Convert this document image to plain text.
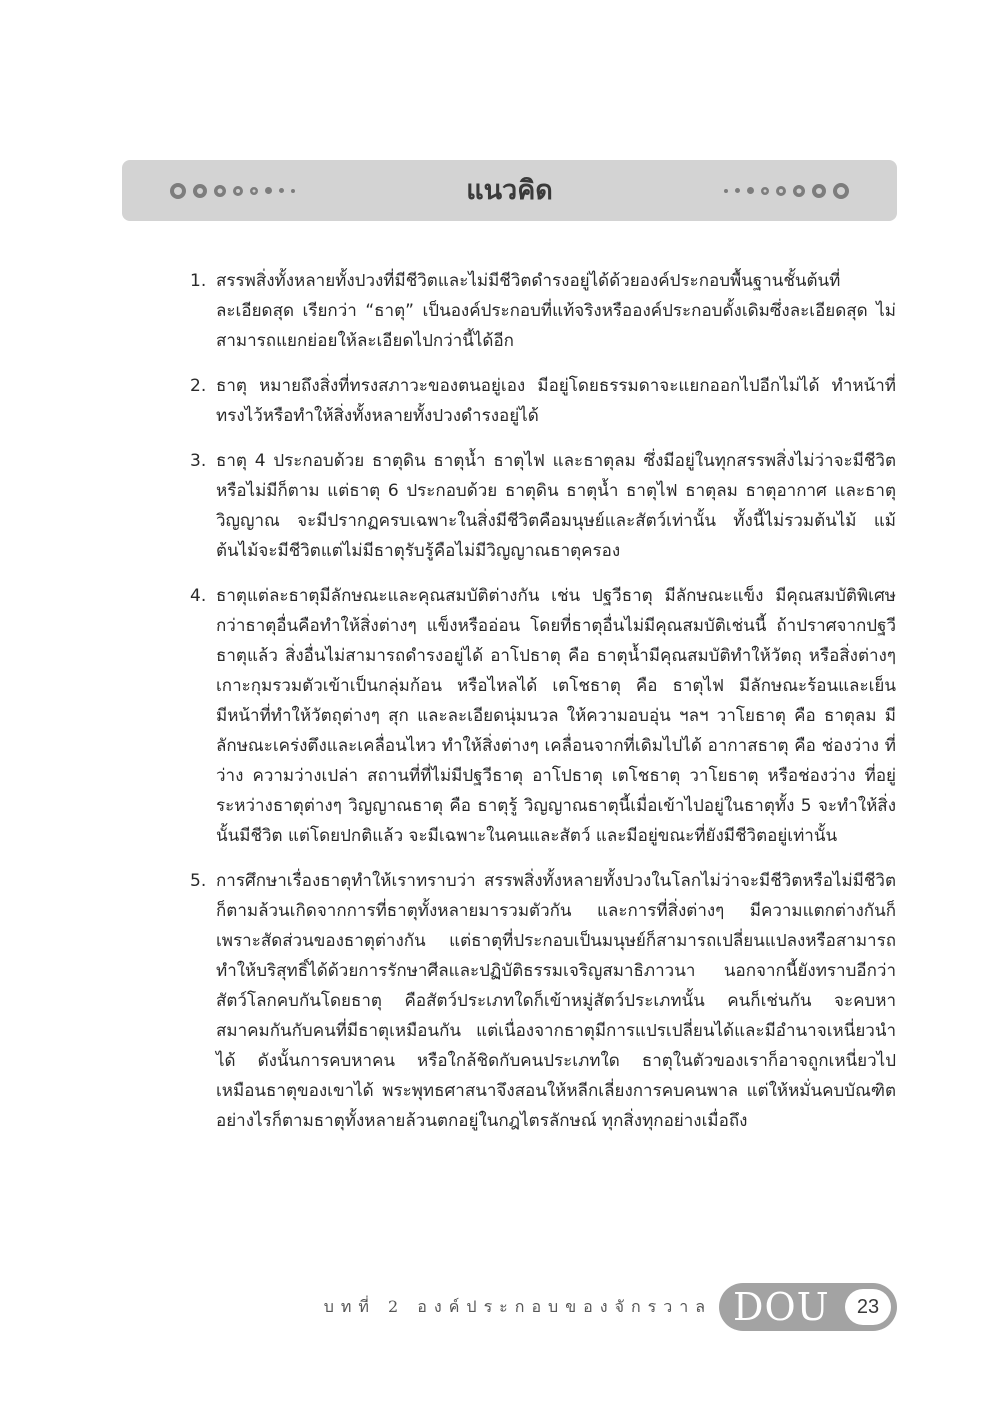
แนวคิด
1. สรรพสิ่งทั้งหลายทั้งปวงที่มีชีวิตและไม่มีชีวิตดำรงอยู่ได้ด้วยองค์ประกอบพื้นฐานชั้นต้นที่ละเอียดสุด เรียกว่า “ธาตุ” เป็นองค์ประกอบที่แท้จริงหรือองค์ประกอบดั้งเดิมซึ่งละเอียดสุด ไม่สามารถแยกย่อยให้ละเอียดไปกว่านี้ได้อีก
2. ธาตุ หมายถึงสิ่งที่ทรงสภาวะของตนอยู่เอง มีอยู่โดยธรรมดาจะแยกออกไปอีกไม่ได้ ทำหน้าที่ทรงไว้หรือทำให้สิ่งทั้งหลายทั้งปวงดำรงอยู่ได้
3. ธาตุ 4 ประกอบด้วย ธาตุดิน ธาตุน้ำ ธาตุไฟ และธาตุลม ซึ่งมีอยู่ในทุกสรรพสิ่งไม่ว่าจะมีชีวิตหรือไม่มีก็ตาม แต่ธาตุ 6 ประกอบด้วย ธาตุดิน ธาตุน้ำ ธาตุไฟ ธาตุลม ธาตุอากาศ และธาตุวิญญาณ จะมีปรากฏครบเฉพาะในสิ่งมีชีวิตคือมนุษย์และสัตว์เท่านั้น ทั้งนี้ไม่รวมต้นไม้ แม้ต้นไม้จะมีชีวิตแต่ไม่มีธาตุรับรู้คือไม่มีวิญญาณธาตุครอง
4. ธาตุแต่ละธาตุมีลักษณะและคุณสมบัติต่างกัน เช่น ปฐวีธาตุ มีลักษณะแข็ง มีคุณสมบัติพิเศษกว่าธาตุอื่นคือทำให้สิ่งต่างๆ แข็งหรืออ่อน โดยที่ธาตุอื่นไม่มีคุณสมบัติเช่นนี้ ถ้าปราศจากปฐวีธาตุแล้ว สิ่งอื่นไม่สามารถดำรงอยู่ได้ อาโปธาตุ คือ ธาตุน้ำมีคุณสมบัติทำให้วัตถุ หรือสิ่งต่างๆ เกาะกุมรวมตัวเข้าเป็นกลุ่มก้อน หรือไหลได้ เตโชธาตุ คือ ธาตุไฟ มีลักษณะร้อนและเย็น มีหน้าที่ทำให้วัตถุต่างๆ สุก และละเอียดนุ่มนวล ให้ความอบอุ่น ฯลฯ วาโยธาตุ คือ ธาตุลม มีลักษณะเคร่งตึงและเคลื่อนไหว ทำให้สิ่งต่างๆ เคลื่อนจากที่เดิมไปได้ อากาสธาตุ คือ ช่องว่าง ที่ว่าง ความว่างเปล่า สถานที่ที่ไม่มีปฐวีธาตุ อาโปธาตุ เตโชธาตุ วาโยธาตุ หรือช่องว่าง ที่อยู่ระหว่างธาตุต่างๆ วิญญาณธาตุ คือ ธาตุรู้ วิญญาณธาตุนี้เมื่อเข้าไปอยู่ในธาตุทั้ง 5 จะทำให้สิ่งนั้นมีชีวิต แต่โดยปกติแล้ว จะมีเฉพาะในคนและสัตว์ และมีอยู่ขณะที่ยังมีชีวิตอยู่เท่านั้น
5. การศึกษาเรื่องธาตุทำให้เราทราบว่า สรรพสิ่งทั้งหลายทั้งปวงในโลกไม่ว่าจะมีชีวิตหรือไม่มีชีวิตก็ตามล้วนเกิดจากการที่ธาตุทั้งหลายมารวมตัวกัน และการที่สิ่งต่างๆ มีความแตกต่างกันก็เพราะสัดส่วนของธาตุต่างกัน แต่ธาตุที่ประกอบเป็นมนุษย์ก็สามารถเปลี่ยนแปลงหรือสามารถทำให้บริสุทธิ์ได้ด้วยการรักษาศีลและปฏิบัติธรรมเจริญสมาธิภาวนา นอกจากนี้ยังทราบอีกว่าสัตว์โลกคบกันโดยธาตุ คือสัตว์ประเภทใดก็เข้าหมู่สัตว์ประเภทนั้น คนก็เช่นกัน จะคบหาสมาคมกันกับคนที่มีธาตุเหมือนกัน แต่เนื่องจากธาตุมีการแปรเปลี่ยนได้และมีอำนาจเหนี่ยวนำได้ ดังนั้นการคบหาคน หรือใกล้ชิดกับคนประเภทใด ธาตุในตัวของเราก็อาจถูกเหนี่ยวไปเหมือนธาตุของเขาได้ พระพุทธศาสนาจึงสอนให้หลีกเลี่ยงการคบคนพาล แต่ให้หมั่นคบบัณฑิต อย่างไรก็ตามธาตุทั้งหลายล้วนตกอยู่ในกฎไตรลักษณ์ ทุกสิ่งทุกอย่างเมื่อถึง
บทที่ 2 องค์ประกอบของจักรวาล DOU	23
